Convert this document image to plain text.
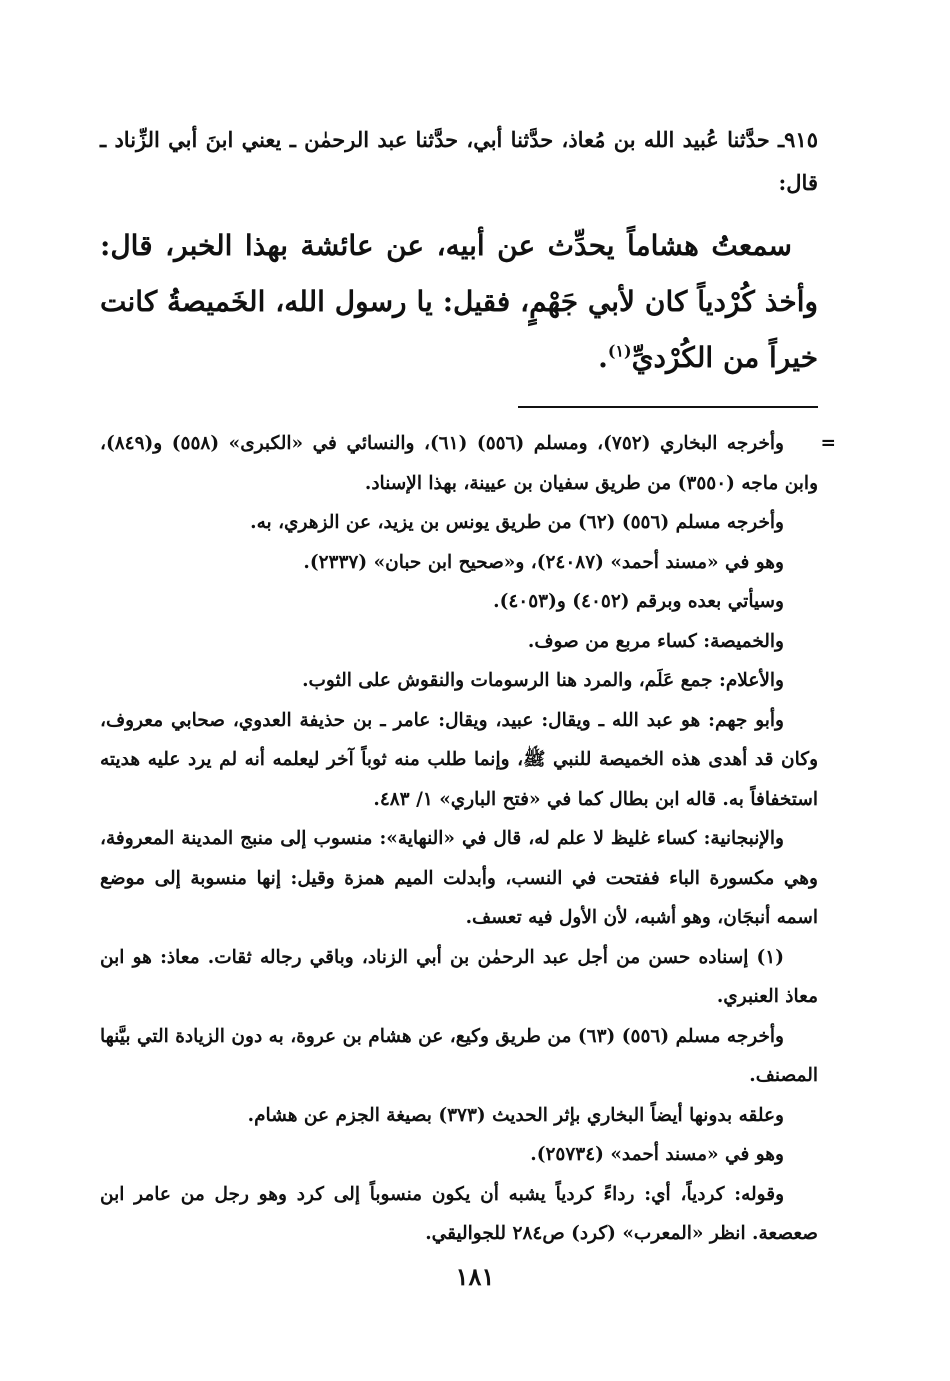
٩١٥ـ حدَّثنا عُبيد الله بن مُعاذ، حدَّثنا أبي، حدَّثنا عبد الرحمٰن ـ يعني ابنَ أبي الزِّناد ـ قال:

سمعتُ هشاماً يحدِّث عن أبيه، عن عائشة بهذا الخبر، قال: وأخذ كُرْدياً كان لأبي جَهْمٍ، فقيل: يا رسول الله، الخَميصةُ كانت خيراً من الكُرْديِّ$^{(١)}$.

=
وأخرجه البخاري (٧٥٢)، ومسلم (٥٥٦) (٦١)، والنسائي في «الكبرى» (٥٥٨) و(٨٤٩)، وابن ماجه (٣٥٥٠) من طريق سفيان بن عيينة، بهذا الإسناد.

وأخرجه مسلم (٥٥٦) (٦٢) من طريق يونس بن يزيد، عن الزهري، به.

وهو في «مسند أحمد» (٢٤٠٨٧)، و«صحيح ابن حبان» (٢٣٣٧).

وسيأتي بعده وبرقم (٤٠٥٢) و(٤٠٥٣).

والخميصة: كساء مربع من صوف.

والأعلام: جمع عَلَم، والمرد هنا الرسومات والنقوش على الثوب.

وأبو جهم: هو عبد الله ـ ويقال: عبيد، ويقال: عامر ـ بن حذيفة العدوي، صحابي معروف، وكان قد أهدى هذه الخميصة للنبي ﷺ، وإنما طلب منه ثوباً آخر ليعلمه أنه لم يرد عليه هديته استخفافاً به. قاله ابن بطال كما في «فتح الباري» ١/ ٤٨٣.

والإنبجانية: كساء غليظ لا علم له، قال في «النهاية»: منسوب إلى منبج المدينة المعروفة، وهي مكسورة الباء ففتحت في النسب، وأبدلت الميم همزة وقيل: إنها منسوبة إلى موضع اسمه أنبجَان، وهو أشبه، لأن الأول فيه تعسف.

(١) إسناده حسن من أجل عبد الرحمٰن بن أبي الزناد، وباقي رجاله ثقات. معاذ: هو ابن معاذ العنبري.

وأخرجه مسلم (٥٥٦) (٦٣) من طريق وكيع، عن هشام بن عروة، به دون الزيادة التي بيَّنها المصنف.

وعلقه بدونها أيضاً البخاري بإثر الحديث (٣٧٣) بصيغة الجزم عن هشام.

وهو في «مسند أحمد» (٢٥٧٣٤).

وقوله: كردياً، أي: رداءً كردياً يشبه أن يكون منسوباً إلى كرد وهو رجل من عامر ابن صعصعة. انظر «المعرب» (كرد) ص٢٨٤ للجواليقي.

١٨١
